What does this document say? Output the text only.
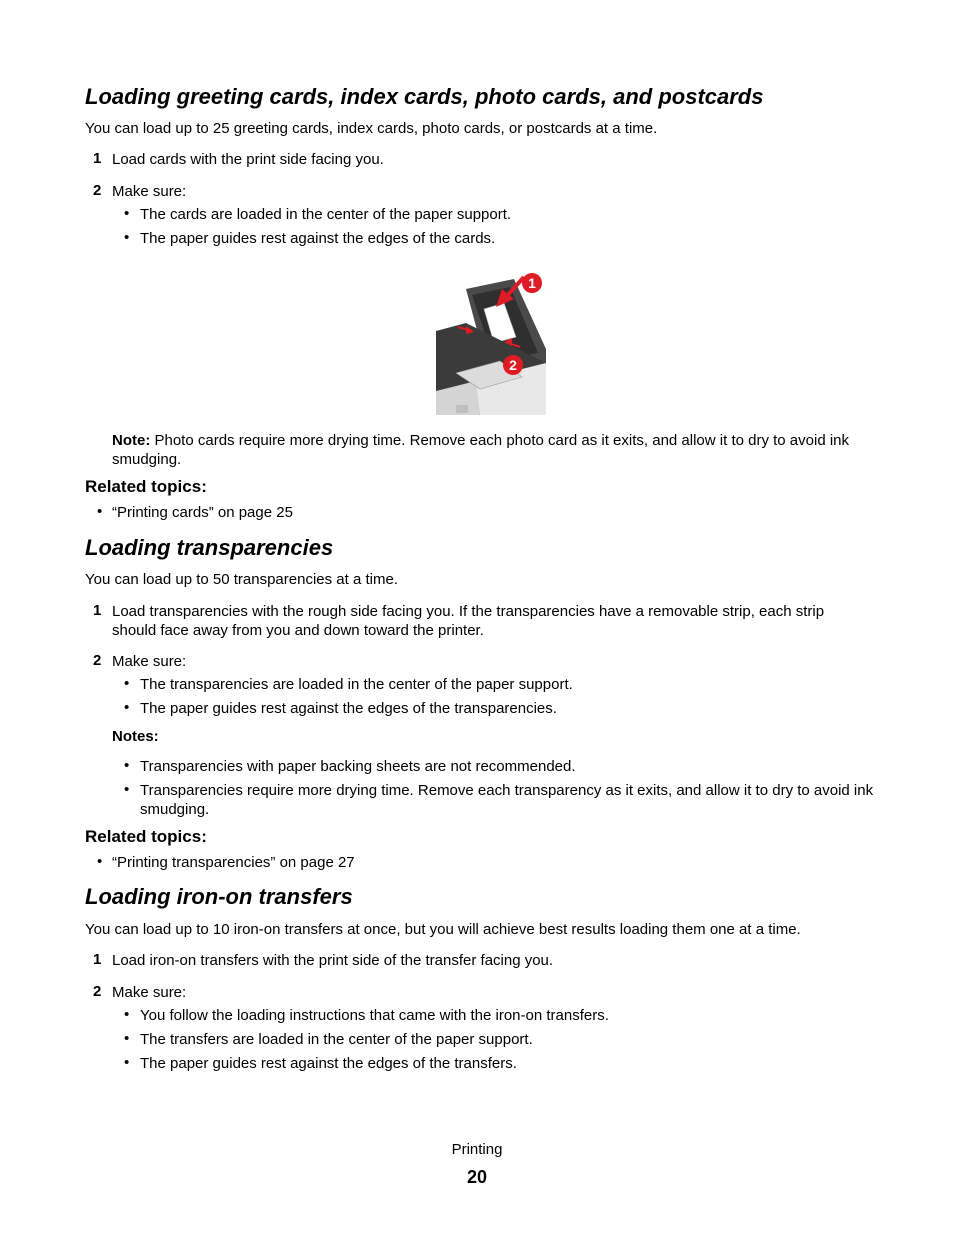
Loading greeting cards, index cards, photo cards, and postcards

You can load up to 25 greeting cards, index cards, photo cards, or postcards at a time.

1 Load cards with the print side facing you.

2 Make sure:

• The cards are loaded in the center of the paper support.

• The paper guides rest against the edges of the cards.

1
2

Note: Photo cards require more drying time. Remove each photo card as it exits, and allow it to dry to avoid ink smudging.

Related topics:
• “Printing cards” on page 25
Loading transparencies

You can load up to 50 transparencies at a time.

1 Load transparencies with the rough side facing you. If the transparencies have a removable strip, each strip should face away from you and down toward the printer.

2 Make sure:

• The transparencies are loaded in the center of the paper support.

• The paper guides rest against the edges of the transparencies.

Notes:

• Transparencies with paper backing sheets are not recommended.

• Transparencies require more drying time. Remove each transparency as it exits, and allow it to dry to avoid ink smudging.

Related topics:
• “Printing transparencies” on page 27
Loading iron-on transfers

You can load up to 10 iron-on transfers at once, but you will achieve best results loading them one at a time.

1 Load iron-on transfers with the print side of the transfer facing you.

2 Make sure:

• You follow the loading instructions that came with the iron-on transfers.

• The transfers are loaded in the center of the paper support.

• The paper guides rest against the edges of the transfers.

Printing

20
